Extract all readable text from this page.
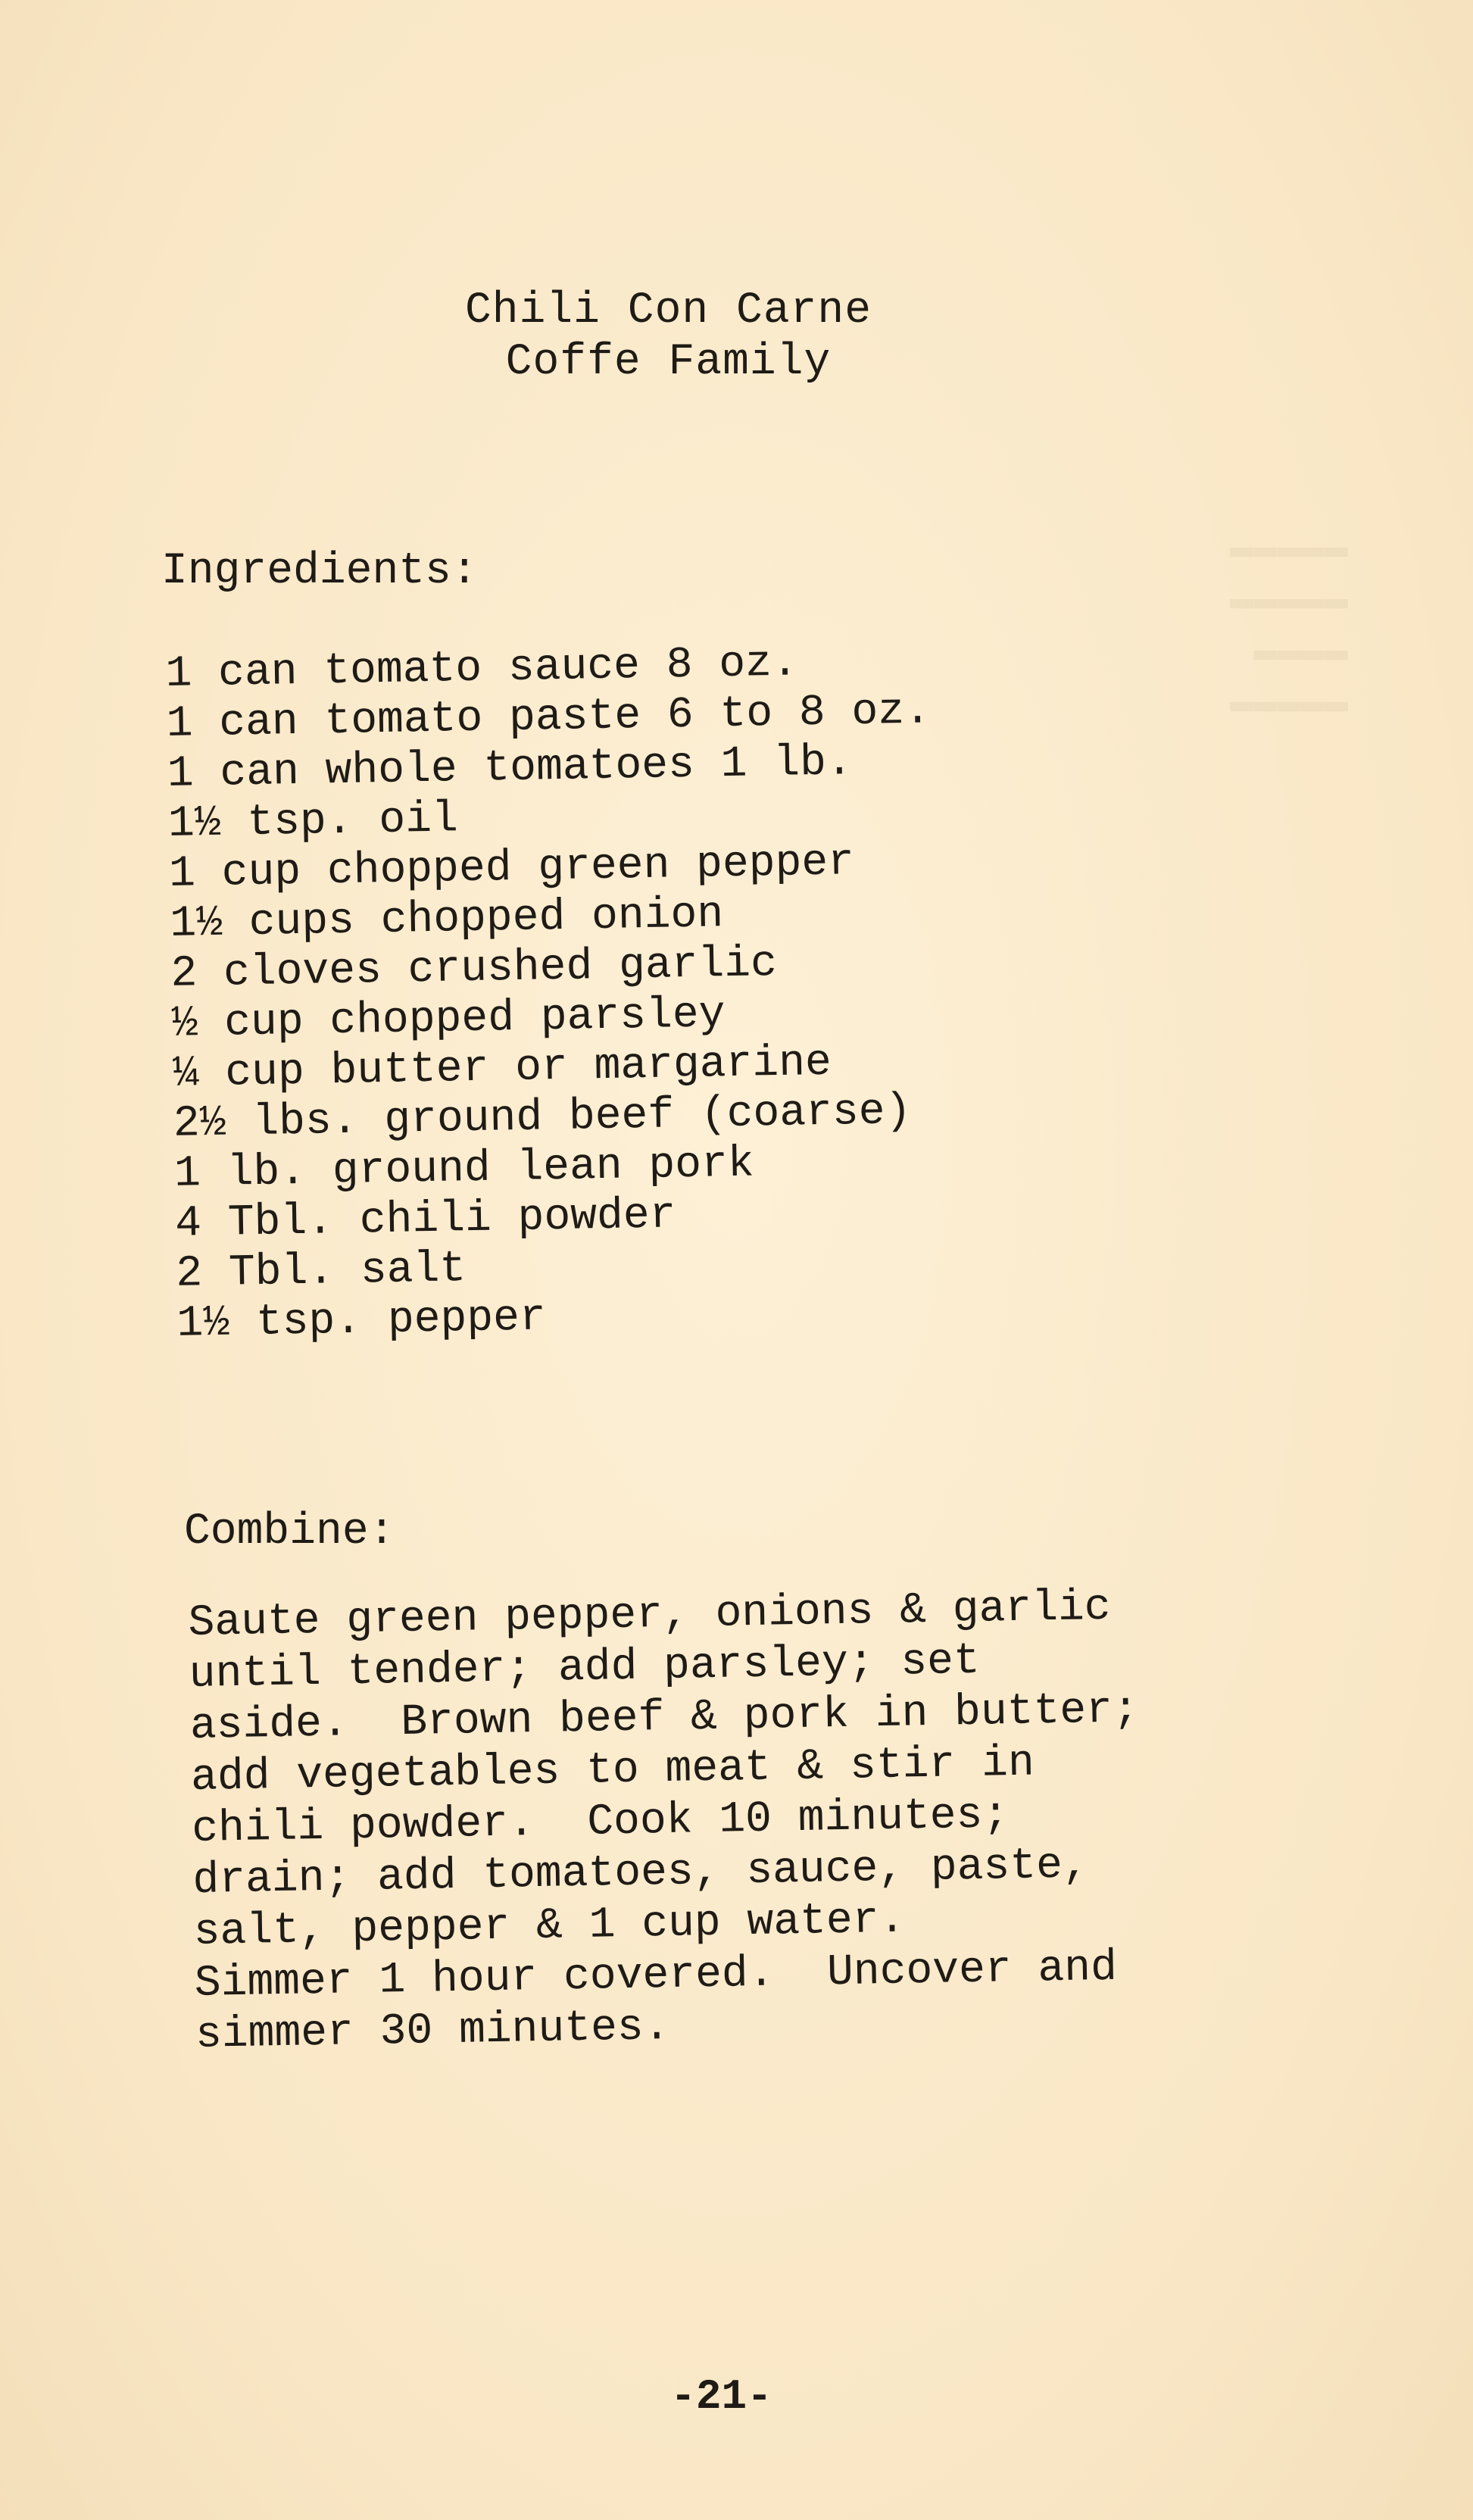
▬▬▬▬▬
▬▬▬▬▬
▬▬▬▬
▬▬▬▬▬
Chili Con Carne
Coffe Family
Ingredients:
1 can tomato sauce 8 oz.
1 can tomato paste 6 to 8 oz.
1 can whole tomatoes 1 lb.
1½ tsp. oil
1 cup chopped green pepper
1½ cups chopped onion
2 cloves crushed garlic
½ cup chopped parsley
¼ cup butter or margarine
2½ lbs. ground beef (coarse)
1 lb. ground lean pork
4 Tbl. chili powder
2 Tbl. salt
1½ tsp. pepper
Combine:
Saute green pepper, onions & garlic
until tender; add parsley; set
aside.  Brown beef & pork in butter;
add vegetables to meat & stir in
chili powder.  Cook 10 minutes;
drain; add tomatoes, sauce, paste,
salt, pepper & 1 cup water.
Simmer 1 hour covered.  Uncover and
simmer 30 minutes.
-21-
